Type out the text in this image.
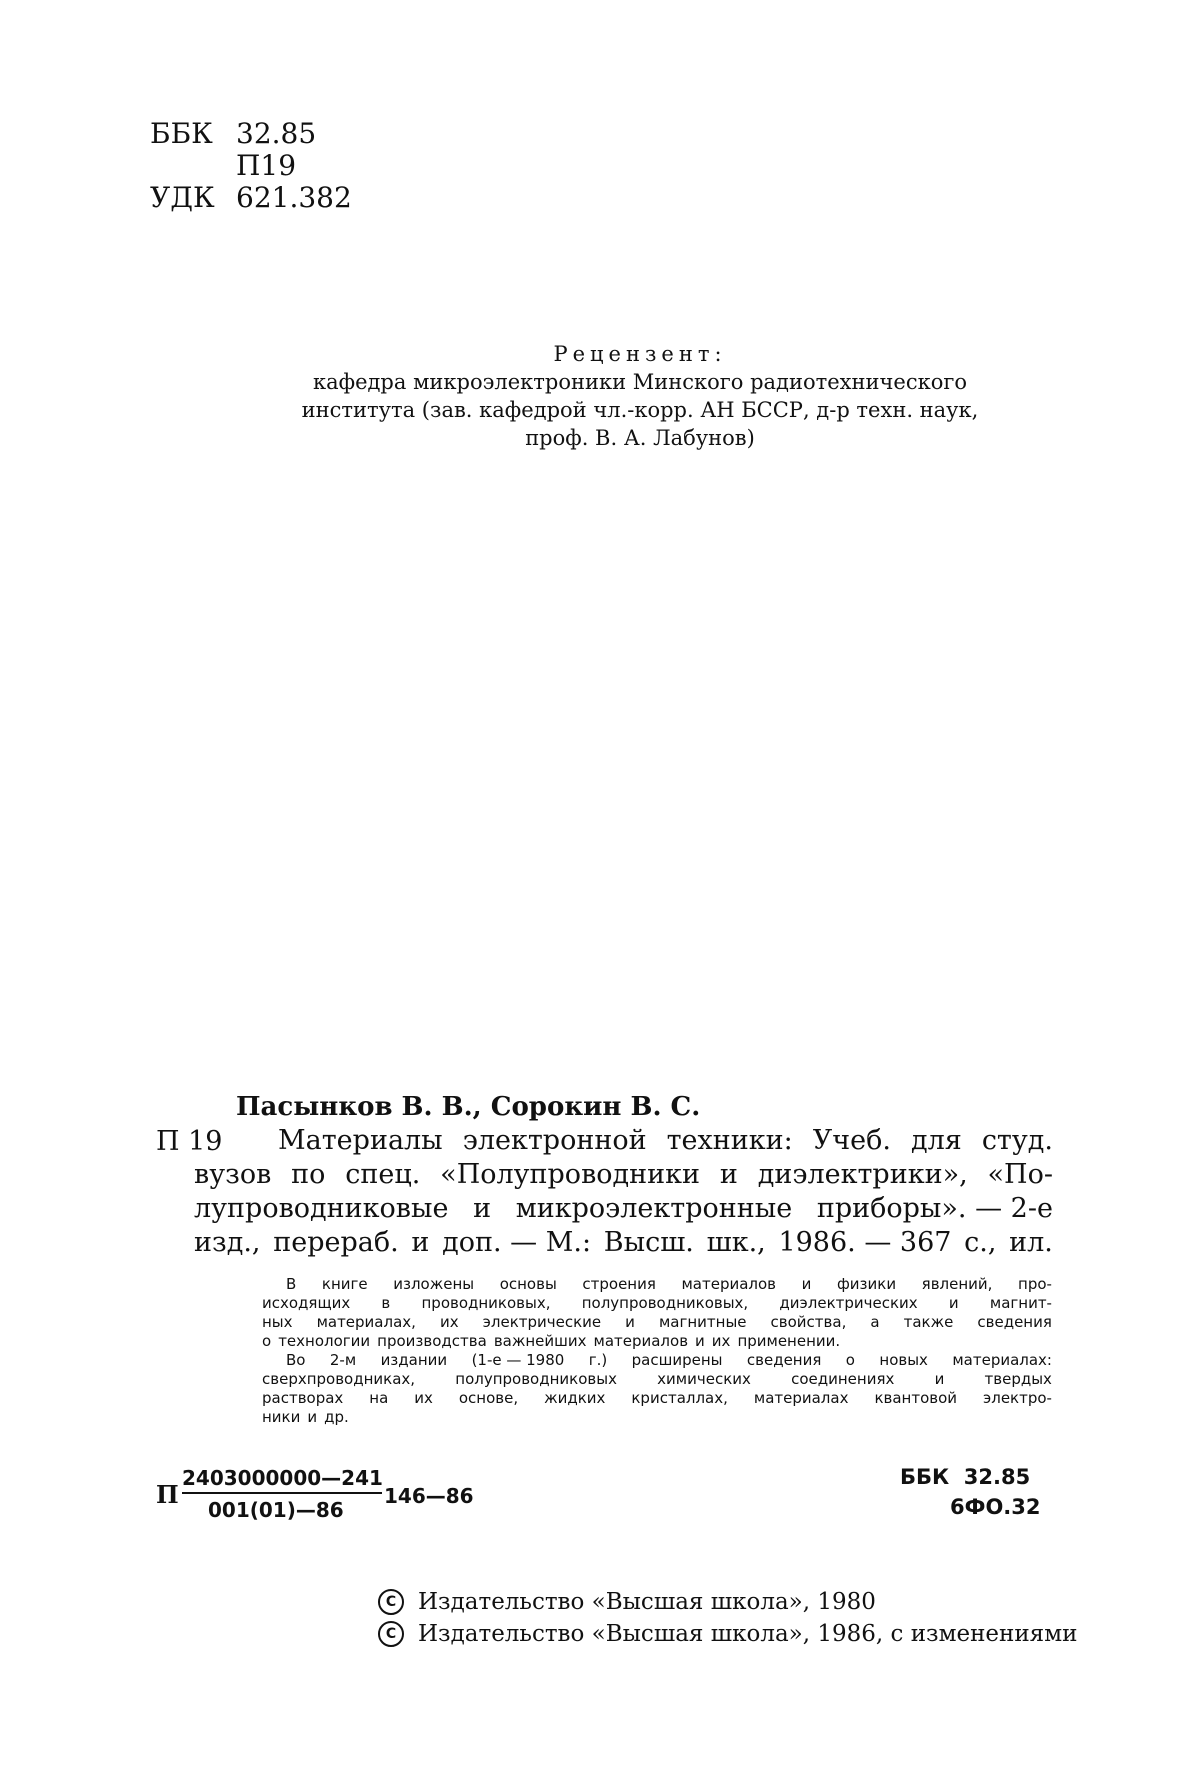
ББК 32.85
П19
УДК 621.382
Рецензент:
кафедра микроэлектроники Минского радиотехнического
института (зав. кафедрой чл.-корр. АН БССР, д-р техн. наук,
проф. В. А. Лабунов)
Пасынков В. В., Сорокин В. С.
П 19 Материалы электронной техники: Учеб. для студ.
вузов по спец. «Полупроводники и диэлектрики», «По-
лупроводниковые и микроэлектронные приборы». — 2-е
изд., перераб. и доп. — М.: Высш. шк., 1986. — 367 с., ил.
В книге изложены основы строения материалов и физики явлений, про-
исходящих в проводниковых, полупроводниковых, диэлектрических и магнит-
ных материалах, их электрические и магнитные свойства, а также сведения
о технологии производства важнейших материалов и их применении.
Во 2-м издании (1-е — 1980 г.) расширены сведения о новых материалах:
сверхпроводниках,	полупроводниковых	химических	соединениях	и	твердых
растворах на их основе, жидких кристаллах, материалах квантовой электро-
ники и др.
П
2403000000—241
001(01)—86
146—86
ББК  32.85
6ФО.32
C Издательство «Высшая школа», 1980
C Издательство «Высшая школа», 1986, с изменениями
